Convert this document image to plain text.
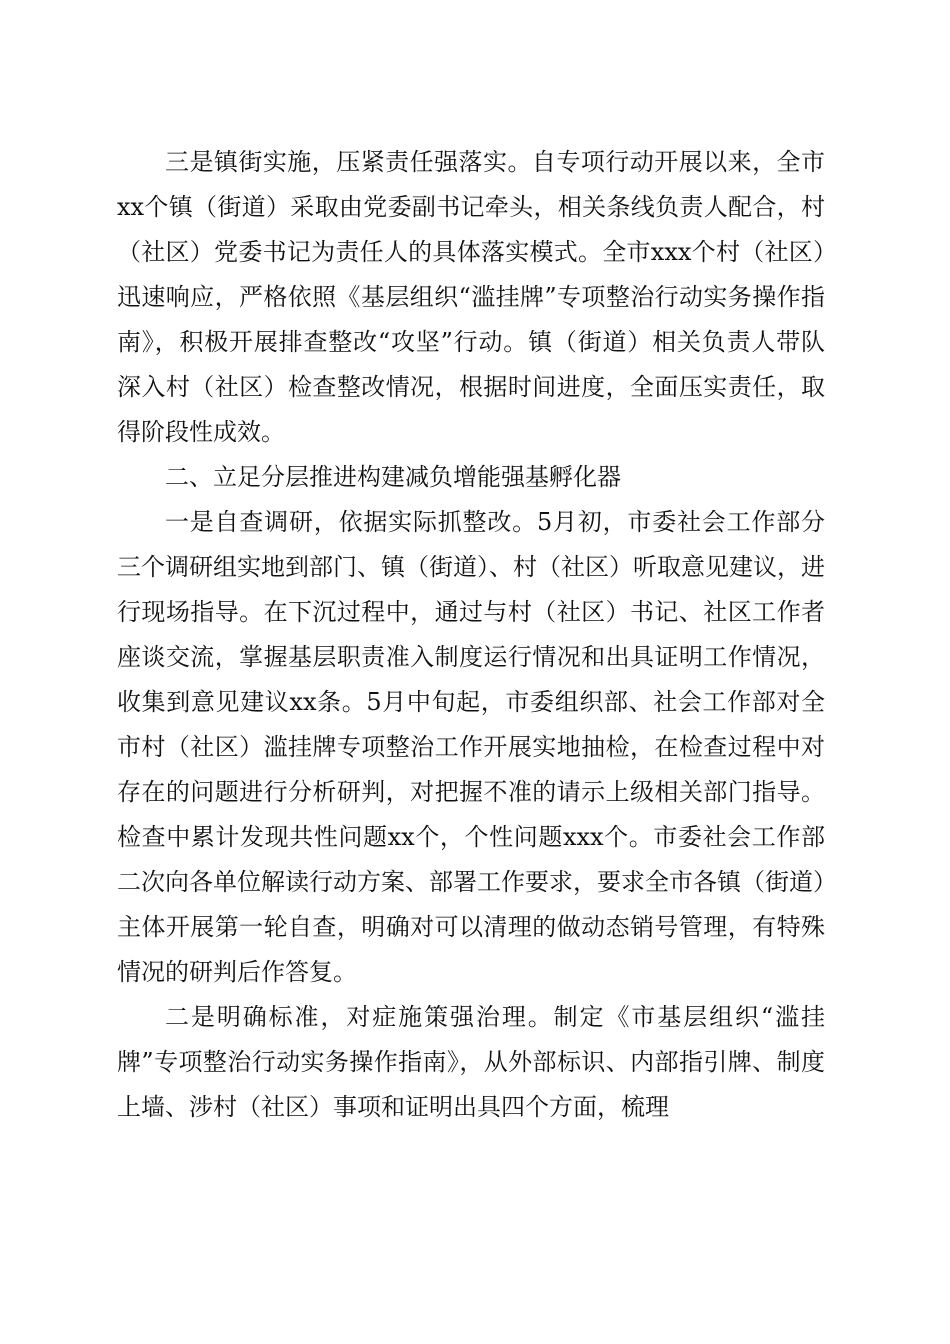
三是镇街实施，压紧责任强落实。自专项行动开展以来，全市xx个镇（街道）采取由党委副书记牵头，相关条线负责人配合，村（社区）党委书记为责任人的具体落实模式。全市xxx个村（社区）迅速响应，严格依照《基层组织“滥挂牌”专项整治行动实务操作指南》，积极开展排查整改“攻坚”行动。镇（街道）相关负责人带队深入村（社区）检查整改情况，根据时间进度，全面压实责任，取得阶段性成效。

二、立足分层推进构建减负增能强基孵化器

一是自查调研，依据实际抓整改。5月初，市委社会工作部分三个调研组实地到部门、镇（街道）、村（社区）听取意见建议，进行现场指导。在下沉过程中，通过与村（社区）书记、社区工作者座谈交流，掌握基层职责准入制度运行情况和出具证明工作情况，收集到意见建议xx条。5月中旬起，市委组织部、社会工作部对全市村（社区）滥挂牌专项整治工作开展实地抽检，在检查过程中对存在的问题进行分析研判，对把握不准的请示上级相关部门指导。检查中累计发现共性问题xx个，个性问题xxx个。市委社会工作部二次向各单位解读行动方案、部署工作要求，要求全市各镇（街道）主体开展第一轮自查，明确对可以清理的做动态销号管理，有特殊情况的研判后作答复。

二是明确标准，对症施策强治理。制定《市基层组织“滥挂牌”专项整治行动实务操作指南》，从外部标识、内部指引牌、制度上墙、涉村（社区）事项和证明出具四个方面，梳理
